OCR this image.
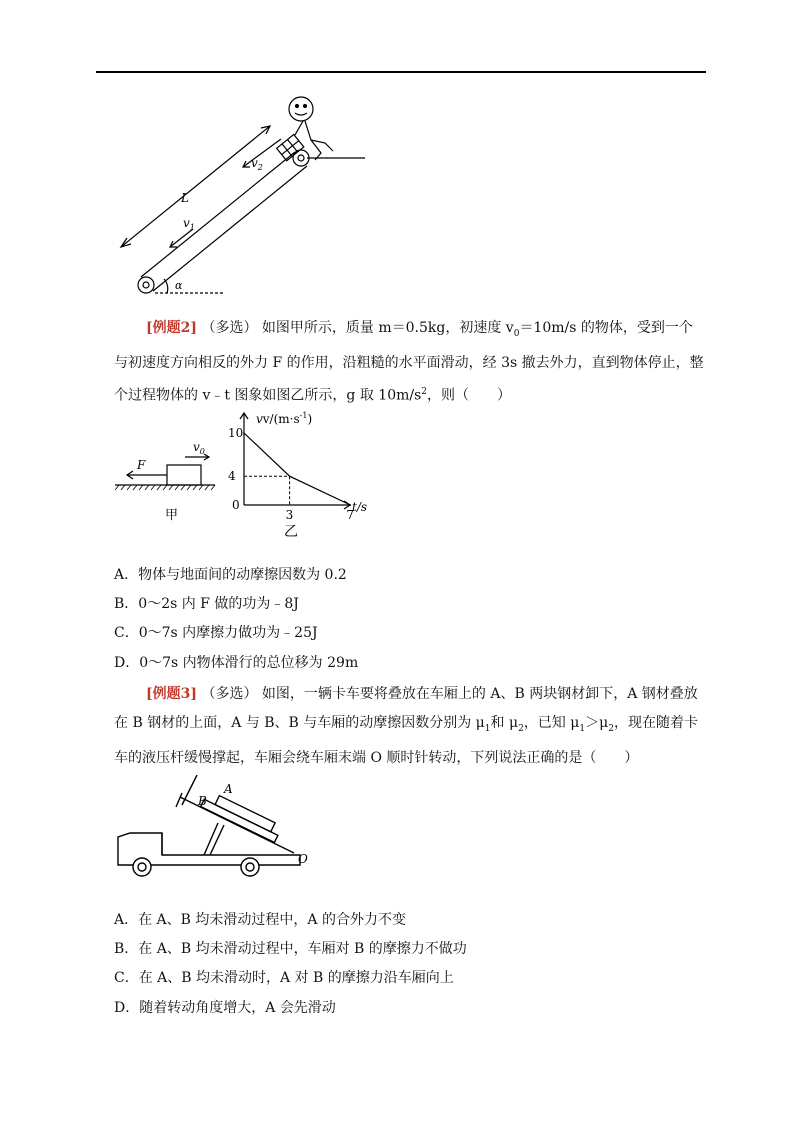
L
$v_2$
$v_1$
α
[例题2] （多选） 如图甲所示，质量 m＝0.5kg，初速度 $v_0=10m/s$ 的物体，受到一个与初速度方向相反的外力 F 的作用，沿粗糙的水平面滑动，经 3s 撤去外力，直到物体停止，整个过程物体的 v﹣t 图象如图乙所示，g 取 $10m/s^2$，则（　　）
F
$v_0$
甲
10
4
3	7
$vv/(m\cdot s^{-1})$
t/s
0
乙
A．物体与地面间的动摩擦因数为 0.2
B．0～2s 内 F 做的功为﹣8J
C．0～7s 内摩擦力做功为﹣25J
D．0～7s 内物体滑行的总位移为 29m
[例题3] （多选） 如图，一辆卡车要将叠放在车厢上的 A、B 两块钢材卸下，A 钢材叠放在 B 钢材的上面，A 与 B、B 与车厢的动摩擦因数分别为 $\mu_1$和 $\mu_2$，已知 $\mu_1>\mu_2$，现在随着卡车的液压杆缓慢撑起，车厢会绕车厢末端 O 顺时针转动，下列说法正确的是（　　）
A
B
O
A．在 A、B 均未滑动过程中，A 的合外力不变
B．在 A、B 均未滑动过程中，车厢对 B 的摩擦力不做功
C．在 A、B 均未滑动时，A 对 B 的摩擦力沿车厢向上
D．随着转动角度增大，A 会先滑动
